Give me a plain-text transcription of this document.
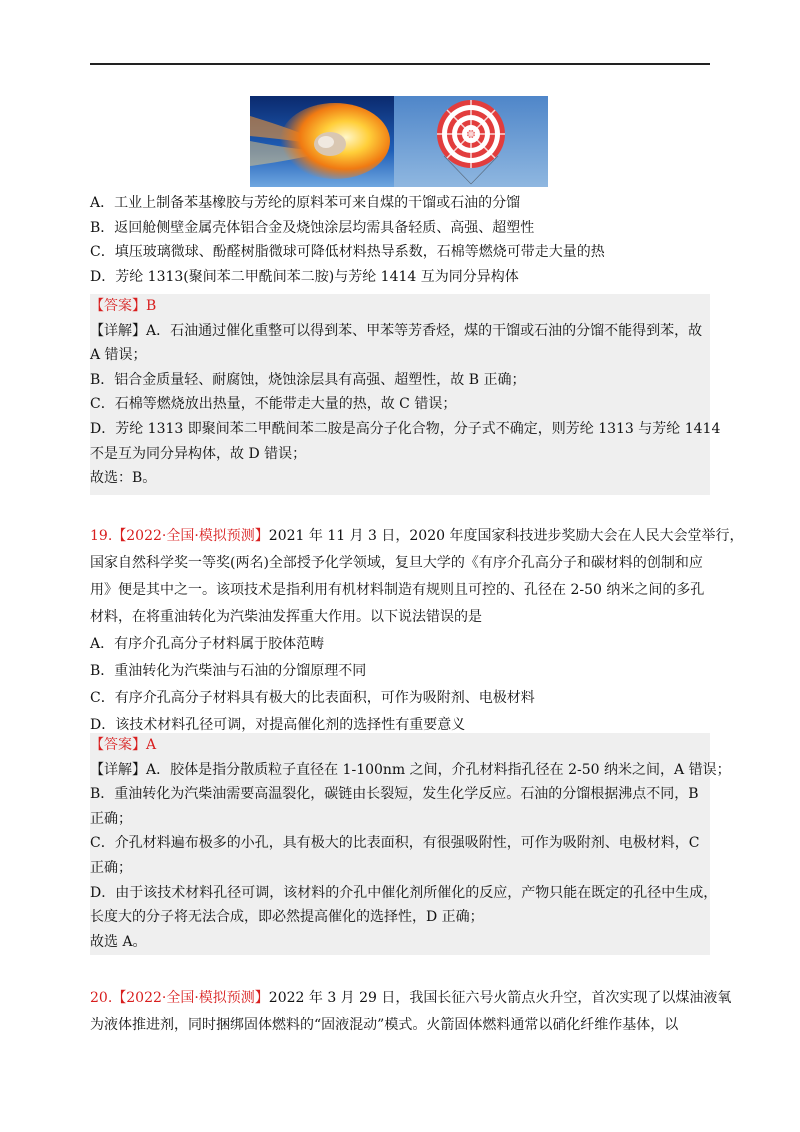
A．工业上制备苯基橡胶与芳纶的原料苯可来自煤的干馏或石油的分馏
B．返回舱侧壁金属壳体铝合金及烧蚀涂层均需具备轻质、高强、超塑性
C．填压玻璃微球、酚醛树脂微球可降低材料热导系数，石棉等燃烧可带走大量的热
D．芳纶 1313(聚间苯二甲酰间苯二胺)与芳纶 1414 互为同分异构体
【答案】B
【详解】A．石油通过催化重整可以得到苯、甲苯等芳香烃，煤的干馏或石油的分馏不能得到苯，故
A 错误；
B．铝合金质量轻、耐腐蚀，烧蚀涂层具有高强、超塑性，故 B 正确；
C．石棉等燃烧放出热量，不能带走大量的热，故 C 错误；
D．芳纶 1313 即聚间苯二甲酰间苯二胺是高分子化合物，分子式不确定，则芳纶 1313 与芳纶 1414
不是互为同分异构体，故 D 错误；
故选：B。
19.【2022·全国·模拟预测】2021 年 11 月 3 日，2020 年度国家科技进步奖励大会在人民大会堂举行，
国家自然科学奖一等奖(两名)全部授予化学领域，复旦大学的《有序介孔高分子和碳材料的创制和应
用》便是其中之一。该项技术是指利用有机材料制造有规则且可控的、孔径在 2-50 纳米之间的多孔
材料，在将重油转化为汽柴油发挥重大作用。以下说法错误的是
A．有序介孔高分子材料属于胶体范畴
B．重油转化为汽柴油与石油的分馏原理不同
C．有序介孔高分子材料具有极大的比表面积，可作为吸附剂、电极材料
D．该技术材料孔径可调，对提高催化剂的选择性有重要意义
【答案】A
【详解】A．胶体是指分散质粒子直径在 1-100nm 之间，介孔材料指孔径在 2-50 纳米之间，A 错误；
B．重油转化为汽柴油需要高温裂化，碳链由长裂短，发生化学反应。石油的分馏根据沸点不同，B
正确；
C．介孔材料遍布极多的小孔，具有极大的比表面积，有很强吸附性，可作为吸附剂、电极材料，C
正确；
D．由于该技术材料孔径可调，该材料的介孔中催化剂所催化的反应，产物只能在既定的孔径中生成，
长度大的分子将无法合成，即必然提高催化的选择性，D 正确；
故选 A。
20.【2022·全国·模拟预测】2022 年 3 月 29 日，我国长征六号火箭点火升空，首次实现了以煤油液氧
为液体推进剂，同时捆绑固体燃料的“固液混动”模式。火箭固体燃料通常以硝化纤维作基体，以
